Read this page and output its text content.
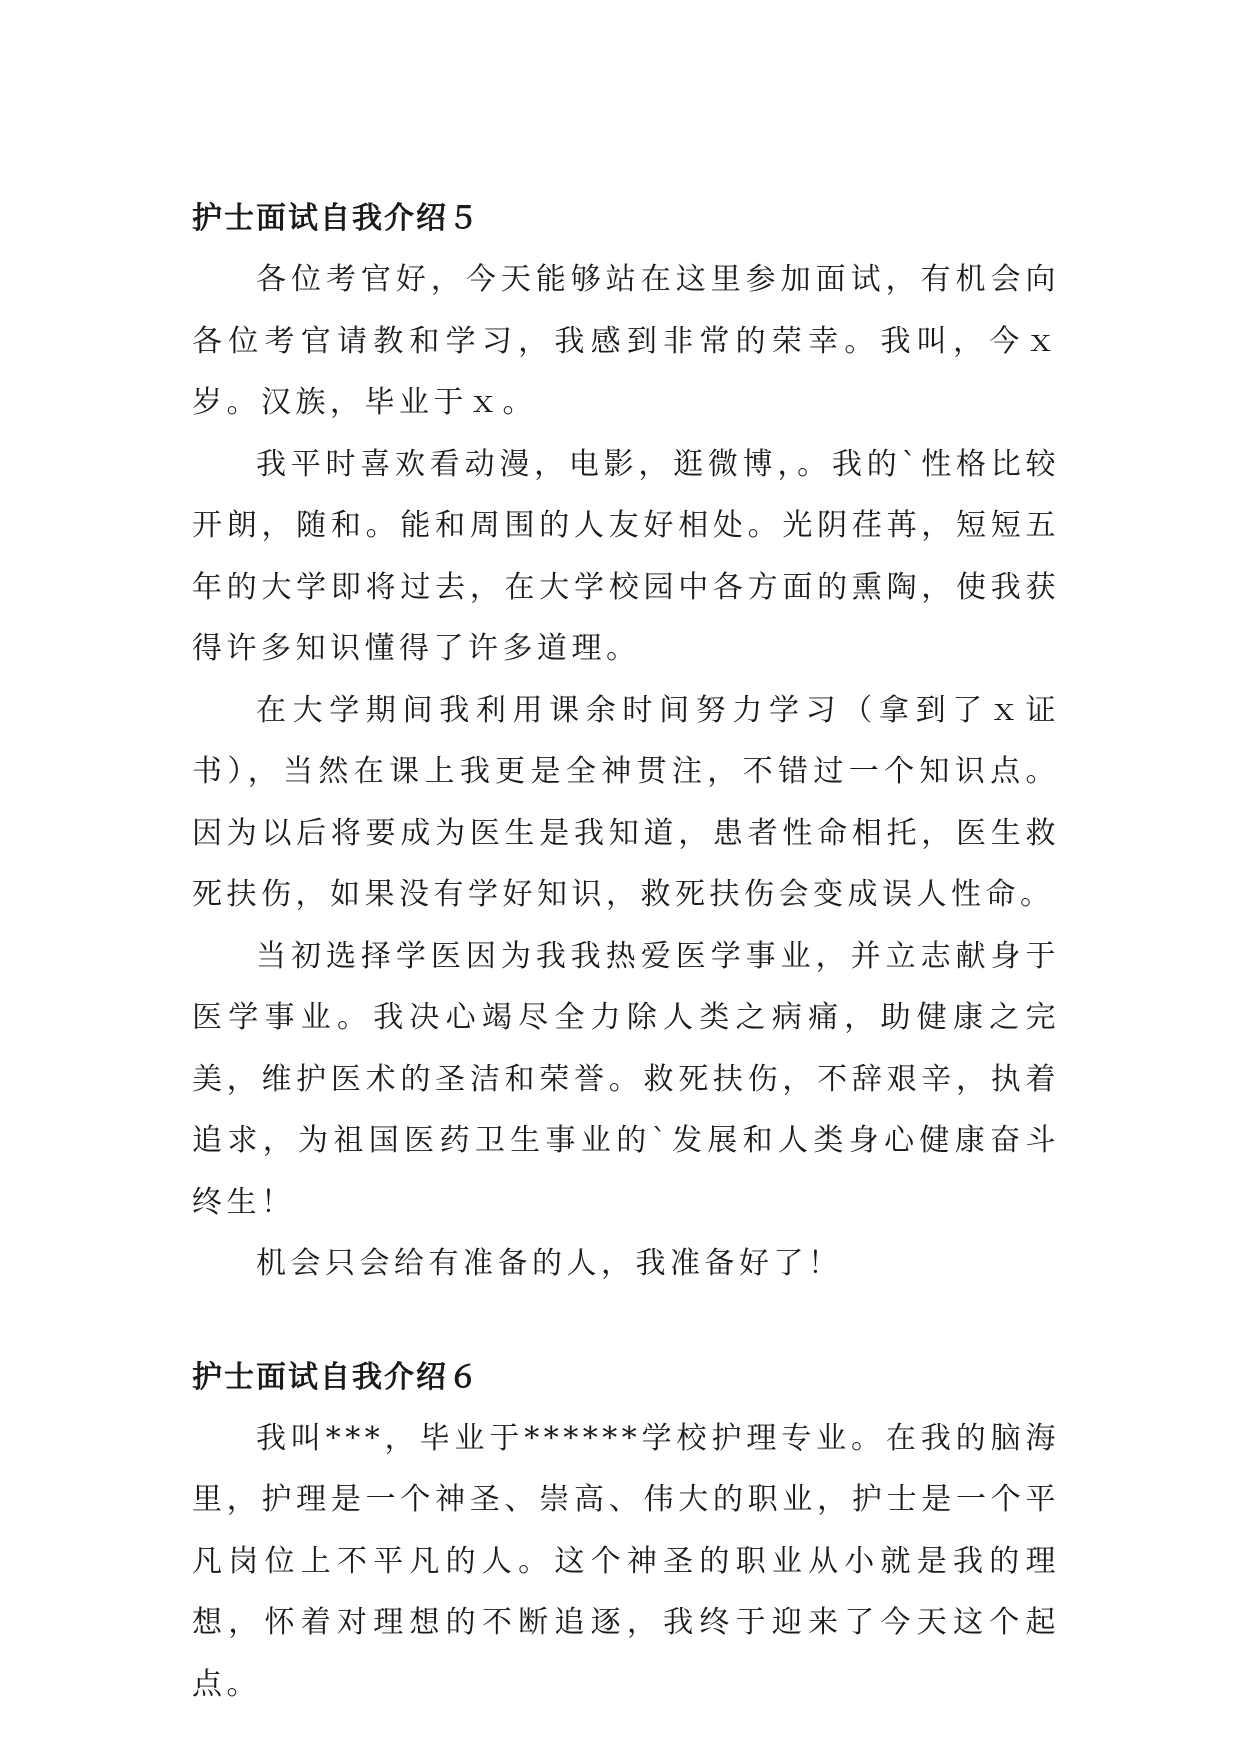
护士面试自我介绍５

各位考官好，今天能够站在这里参加面试，有机会向各位考官请教和学习，我感到非常的荣幸。我叫，今ｘ岁。汉族，毕业于ｘ。

我平时喜欢看动漫，电影，逛微博，。我的`性格比较开朗，随和。能和周围的人友好相处。光阴荏苒，短短五年的大学即将过去，在大学校园中各方面的熏陶，使我获得许多知识懂得了许多道理。

在大学期间我利用课余时间努力学习（拿到了ｘ证书），当然在课上我更是全神贯注，不错过一个知识点。因为以后将要成为医生是我知道，患者性命相托，医生救死扶伤，如果没有学好知识，救死扶伤会变成误人性命。

当初选择学医因为我我热爱医学事业，并立志献身于医学事业。我决心竭尽全力除人类之病痛，助健康之完美，维护医术的圣洁和荣誉。救死扶伤，不辞艰辛，执着追求，为祖国医药卫生事业的`发展和人类身心健康奋斗终生！

机会只会给有准备的人，我准备好了！

护士面试自我介绍６

我叫***，毕业于******学校护理专业。在我的脑海里，护理是一个神圣、崇高、伟大的职业，护士是一个平凡岗位上不平凡的人。这个神圣的职业从小就是我的理想，怀着对理想的不断追逐，我终于迎来了今天这个起点。
